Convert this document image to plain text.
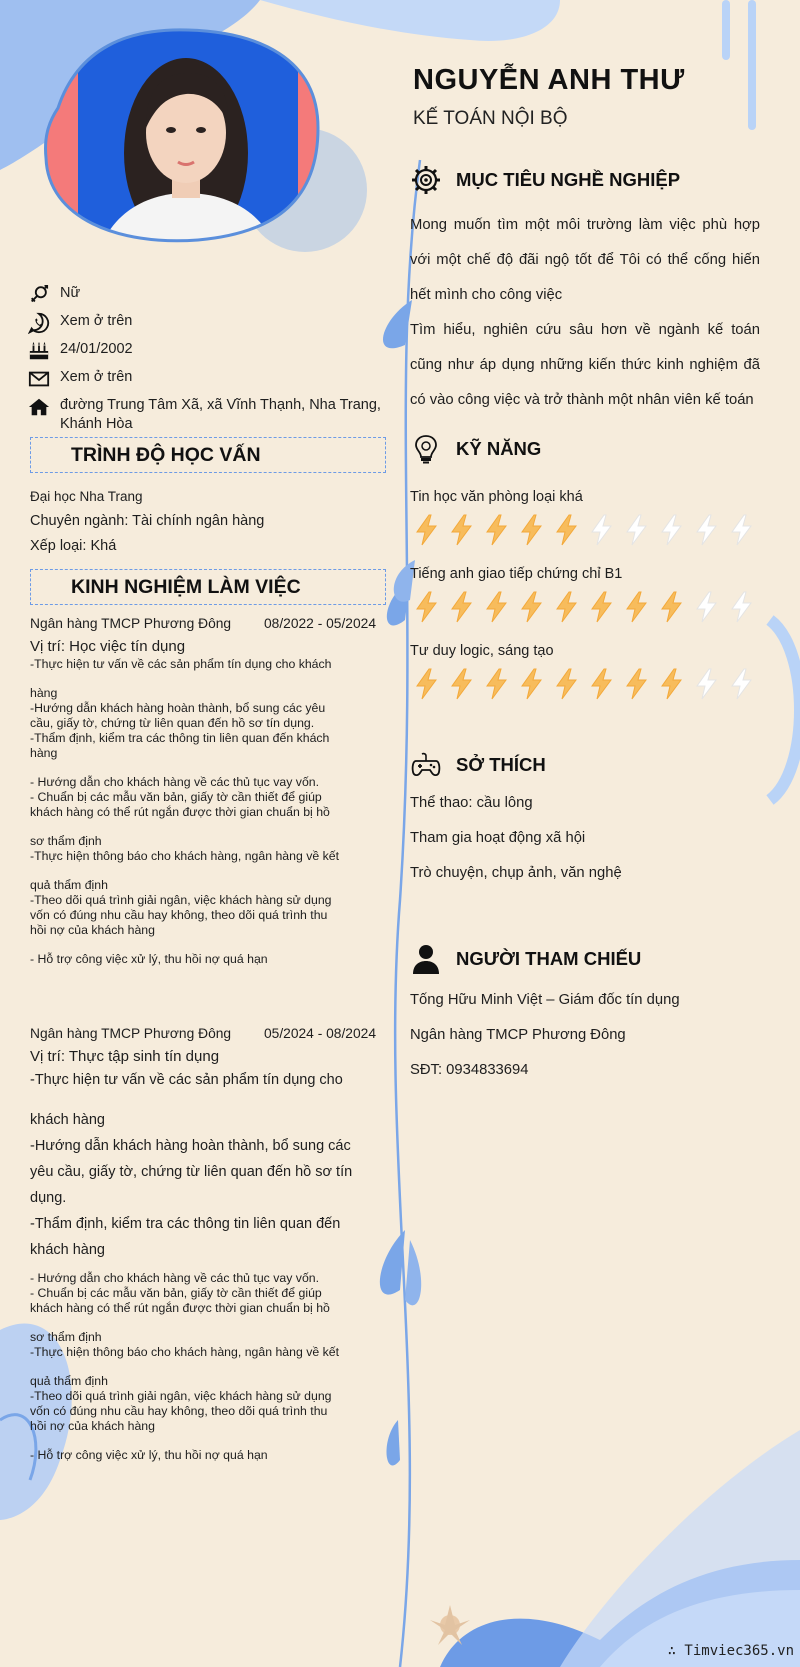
NGUYỄN ANH THƯ
KẾ TOÁN NỘI BỘ
Nữ
Xem ở trên
24/01/2002
Xem ở trên
đường Trung Tâm Xã, xã Vĩnh Thạnh, Nha Trang, Khánh Hòa
TRÌNH ĐỘ HỌC VẤN
Đại học Nha Trang
Chuyên ngành: Tài chính ngân hàng
Xếp loại: Khá
KINH NGHIỆM LÀM VIỆC
Ngân hàng TMCP Phương Đông 08/2022 - 05/2024
Vị trí: Học việc tín dụng
-Thực hiện tư vấn về các sản phẩm tín dụng cho khách
hàng
-Hướng dẫn khách hàng hoàn thành, bổ sung các yêu
cầu, giấy tờ, chứng từ liên quan đến hồ sơ tín dụng.
-Thẩm định, kiểm tra các thông tin liên quan đến khách
hàng
- Hướng dẫn cho khách hàng về các thủ tục vay vốn.
- Chuẩn bị các mẫu văn bản, giấy tờ cần thiết để giúp
khách hàng có thể rút ngắn được thời gian chuẩn bị hồ
sơ thẩm định
-Thực hiện thông báo cho khách hàng, ngân hàng về kết
quả thẩm định
-Theo dõi quá trình giải ngân, việc khách hàng sử dụng
vốn có đúng nhu cầu hay không, theo dõi quá trình thu
hồi nợ của khách hàng
- Hỗ trợ công việc xử lý, thu hồi nợ quá hạn
Ngân hàng TMCP Phương Đông 05/2024 - 08/2024
Vị trí: Thực tập sinh tín dụng
-Thực hiện tư vấn về các sản phẩm tín dụng cho
khách hàng
-Hướng dẫn khách hàng hoàn thành, bổ sung các
yêu cầu, giấy tờ, chứng từ liên quan đến hồ sơ tín
dụng.
-Thẩm định, kiểm tra các thông tin liên quan đến
khách hàng
- Hướng dẫn cho khách hàng về các thủ tục vay vốn.
- Chuẩn bị các mẫu văn bản, giấy tờ cần thiết để giúp
khách hàng có thể rút ngắn được thời gian chuẩn bị hồ
sơ thẩm định
-Thực hiện thông báo cho khách hàng, ngân hàng về kết
quả thẩm định
-Theo dõi quá trình giải ngân, việc khách hàng sử dụng
vốn có đúng nhu cầu hay không, theo dõi quá trình thu
hồi nợ của khách hàng
- Hỗ trợ công việc xử lý, thu hồi nợ quá hạn
MỤC TIÊU NGHỀ NGHIỆP
Mong muốn tìm một môi trường làm việc phù hợp với một chế độ đãi ngộ tốt để Tôi có thể cống hiến hết mình cho công việc
Tìm hiểu, nghiên cứu sâu hơn về ngành kế toán cũng như áp dụng những kiến thức kinh nghiệm đã có vào công việc và trở thành một nhân viên kế toán
KỸ NĂNG
Tin học văn phòng loại khá
Tiếng anh giao tiếp chứng chỉ B1
Tư duy logic, sáng tạo
SỞ THÍCH
Thể thao: cầu lông
Tham gia hoạt động xã hội
Trò chuyện, chụp ảnh, văn nghệ
NGƯỜI THAM CHIẾU
Tống Hữu Minh Việt – Giám đốc tín dụng
Ngân hàng TMCP Phương Đông
SĐT: 0934833694
∴ Timviec365.vn
